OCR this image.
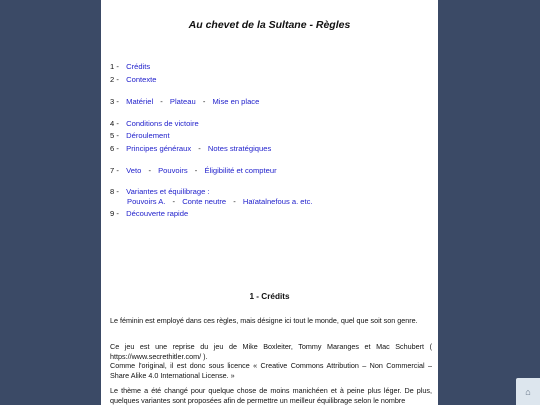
Au chevet de la Sultane - Règles
1 - Crédits
2 - Contexte
3 - Matériel - Plateau - Mise en place
4 - Conditions de victoire
5 - Déroulement
6 - Principes généraux - Notes stratégiques
7 - Veto - Pouvoirs - Éligibilité et compteur
8 - Variantes et équilibrage :
Pouvoirs A. - Conte neutre - Haïatalnefous a. etc.
9 - Découverte rapide
1 - Crédits

Le féminin est employé dans ces règles, mais désigne ici tout le monde, quel que soit son genre.

Ce jeu est une reprise du jeu de Mike Boxleiter, Tommy Maranges et Mac Schubert ( https://www.secrethitler.com/ ).

Comme l'original, il est donc sous licence « Creative Commons Attribution – Non Commercial – Share Alike 4.0 International License. »

Le thème a été changé pour quelque chose de moins manichéen et à peine plus léger. De plus, quelques variantes sont proposées afin de permettre un meilleur équilibrage selon le nombre

⌂
